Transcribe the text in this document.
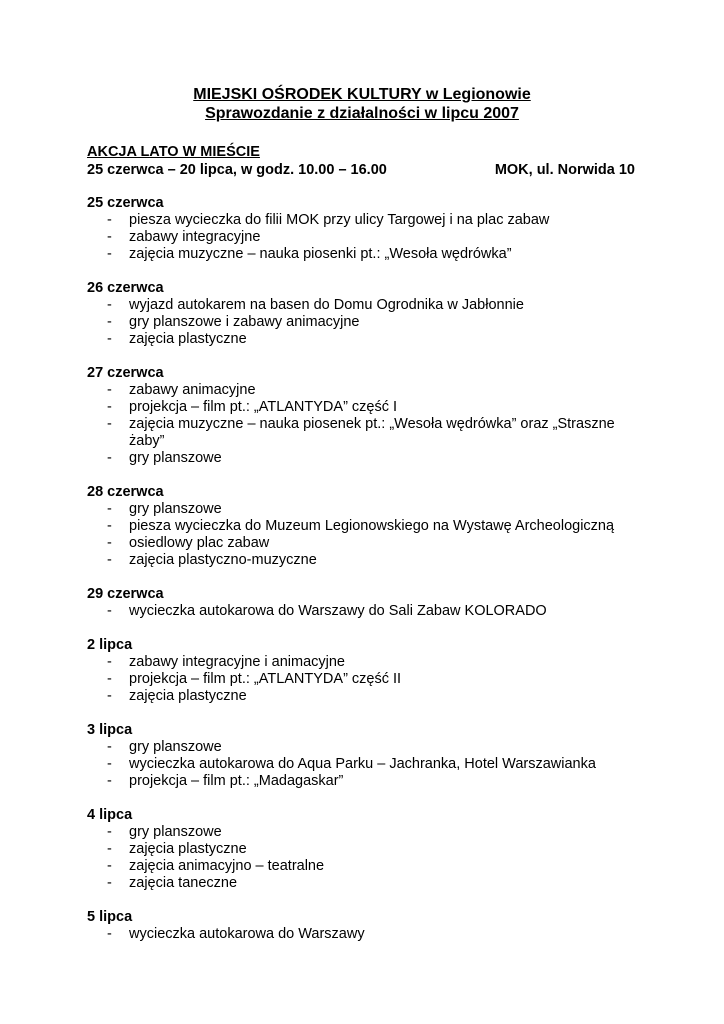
MIEJSKI OŚRODEK KULTURY w Legionowie

Sprawozdanie z działalności w lipcu 2007

AKCJA LATO W MIEŚCIE
25 czerwca – 20 lipca, w godz. 10.00 – 16.00	MOK, ul. Norwida 10
25 czerwca
- piesza wycieczka do filii MOK przy ulicy Targowej i na plac zabaw
- zabawy integracyjne
- zajęcia muzyczne – nauka piosenki pt.: „Wesoła wędrówka”
26 czerwca
- wyjazd autokarem na basen do Domu Ogrodnika w Jabłonnie
- gry planszowe i zabawy animacyjne
- zajęcia plastyczne
27 czerwca
- zabawy animacyjne
- projekcja – film pt.: „ATLANTYDA” część I
- zajęcia muzyczne – nauka piosenek pt.: „Wesoła wędrówka” oraz „Straszne żaby”
- gry planszowe
28 czerwca
- gry planszowe
- piesza wycieczka do Muzeum Legionowskiego na Wystawę Archeologiczną
- osiedlowy plac zabaw
- zajęcia plastyczno-muzyczne
29 czerwca
- wycieczka autokarowa do Warszawy do Sali Zabaw KOLORADO
2 lipca
- zabawy integracyjne i animacyjne
- projekcja – film pt.: „ATLANTYDA” część II
- zajęcia plastyczne
3 lipca
- gry planszowe
- wycieczka autokarowa do Aqua Parku – Jachranka, Hotel Warszawianka
- projekcja – film pt.: „Madagaskar”
4 lipca
- gry planszowe
- zajęcia plastyczne
- zajęcia animacyjno – teatralne
- zajęcia taneczne
5 lipca
- wycieczka autokarowa do Warszawy
